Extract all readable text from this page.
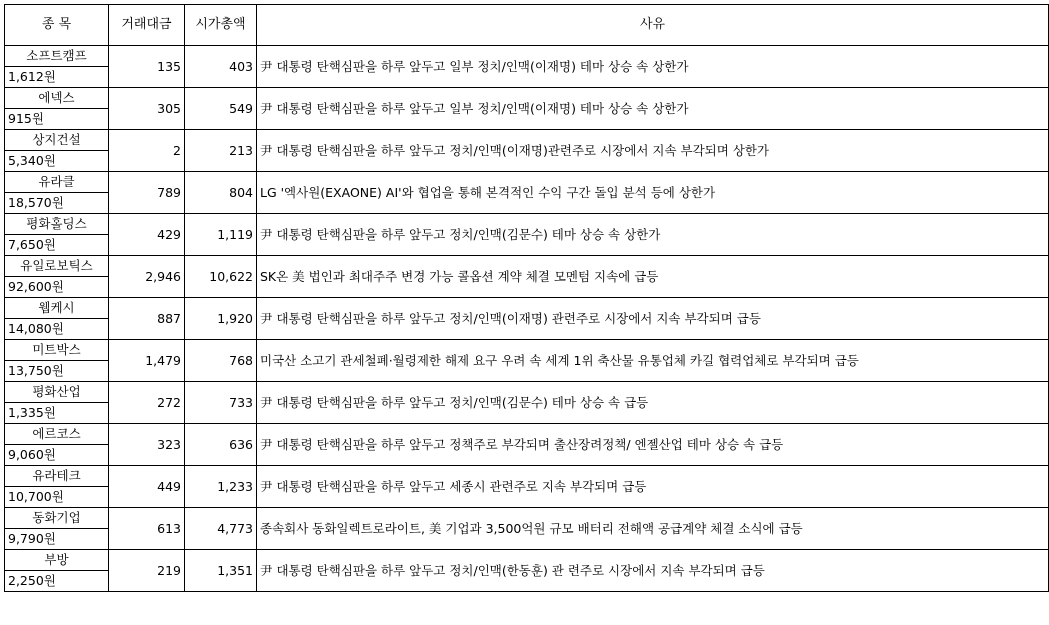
종 목	거래대금	시가총액	사유
소프트캠프	135	403	尹 대통령 탄핵심판을 하루 앞두고 일부 정치/인맥(이재명) 테마 상승 속 상한가
1,612원			
에넥스	305	549	尹 대통령 탄핵심판을 하루 앞두고 일부 정치/인맥(이재명) 테마 상승 속 상한가
915원			
상지건설	2	213	尹 대통령 탄핵심판을 하루 앞두고 정치/인맥(이재명)관련주로 시장에서 지속 부각되며 상한가
5,340원			
유라클	789	804	LG '엑사원(EXAONE) AI'와 협업을 통해 본격적인 수익 구간 돌입 분석 등에 상한가
18,570원			
평화홀딩스	429	1,119	尹 대통령 탄핵심판을 하루 앞두고 정치/인맥(김문수) 테마 상승 속 상한가
7,650원			
유일로보틱스	2,946	10,622	SK온 美 법인과 최대주주 변경 가능 콜옵션 계약 체결 모멘텀 지속에 급등
92,600원			
웹케시	887	1,920	尹 대통령 탄핵심판을 하루 앞두고 정치/인맥(이재명) 관련주로 시장에서 지속 부각되며 급등
14,080원			
미트박스	1,479	768	미국산 소고기 관세철폐·월령제한 해제 요구 우려 속 세계 1위 축산물 유통업체 카길 협력업체로 부각되며 급등
13,750원			
평화산업	272	733	尹 대통령 탄핵심판을 하루 앞두고 정치/인맥(김문수) 테마 상승 속 급등
1,335원			
에르코스	323	636	尹 대통령 탄핵심판을 하루 앞두고 정책주로 부각되며 출산장려정책/ 엔젤산업 테마 상승 속 급등
9,060원			
유라테크	449	1,233	尹 대통령 탄핵심판을 하루 앞두고 세종시 관련주로 지속 부각되며 급등
10,700원			
동화기업	613	4,773	종속회사 동화일렉트로라이트, 美 기업과 3,500억원 규모 배터리 전해액 공급계약 체결 소식에 급등
9,790원			
부방	219	1,351	尹 대통령 탄핵심판을 하루 앞두고 정치/인맥(한동훈) 관 련주로 시장에서 지속 부각되며 급등
2,250원			
